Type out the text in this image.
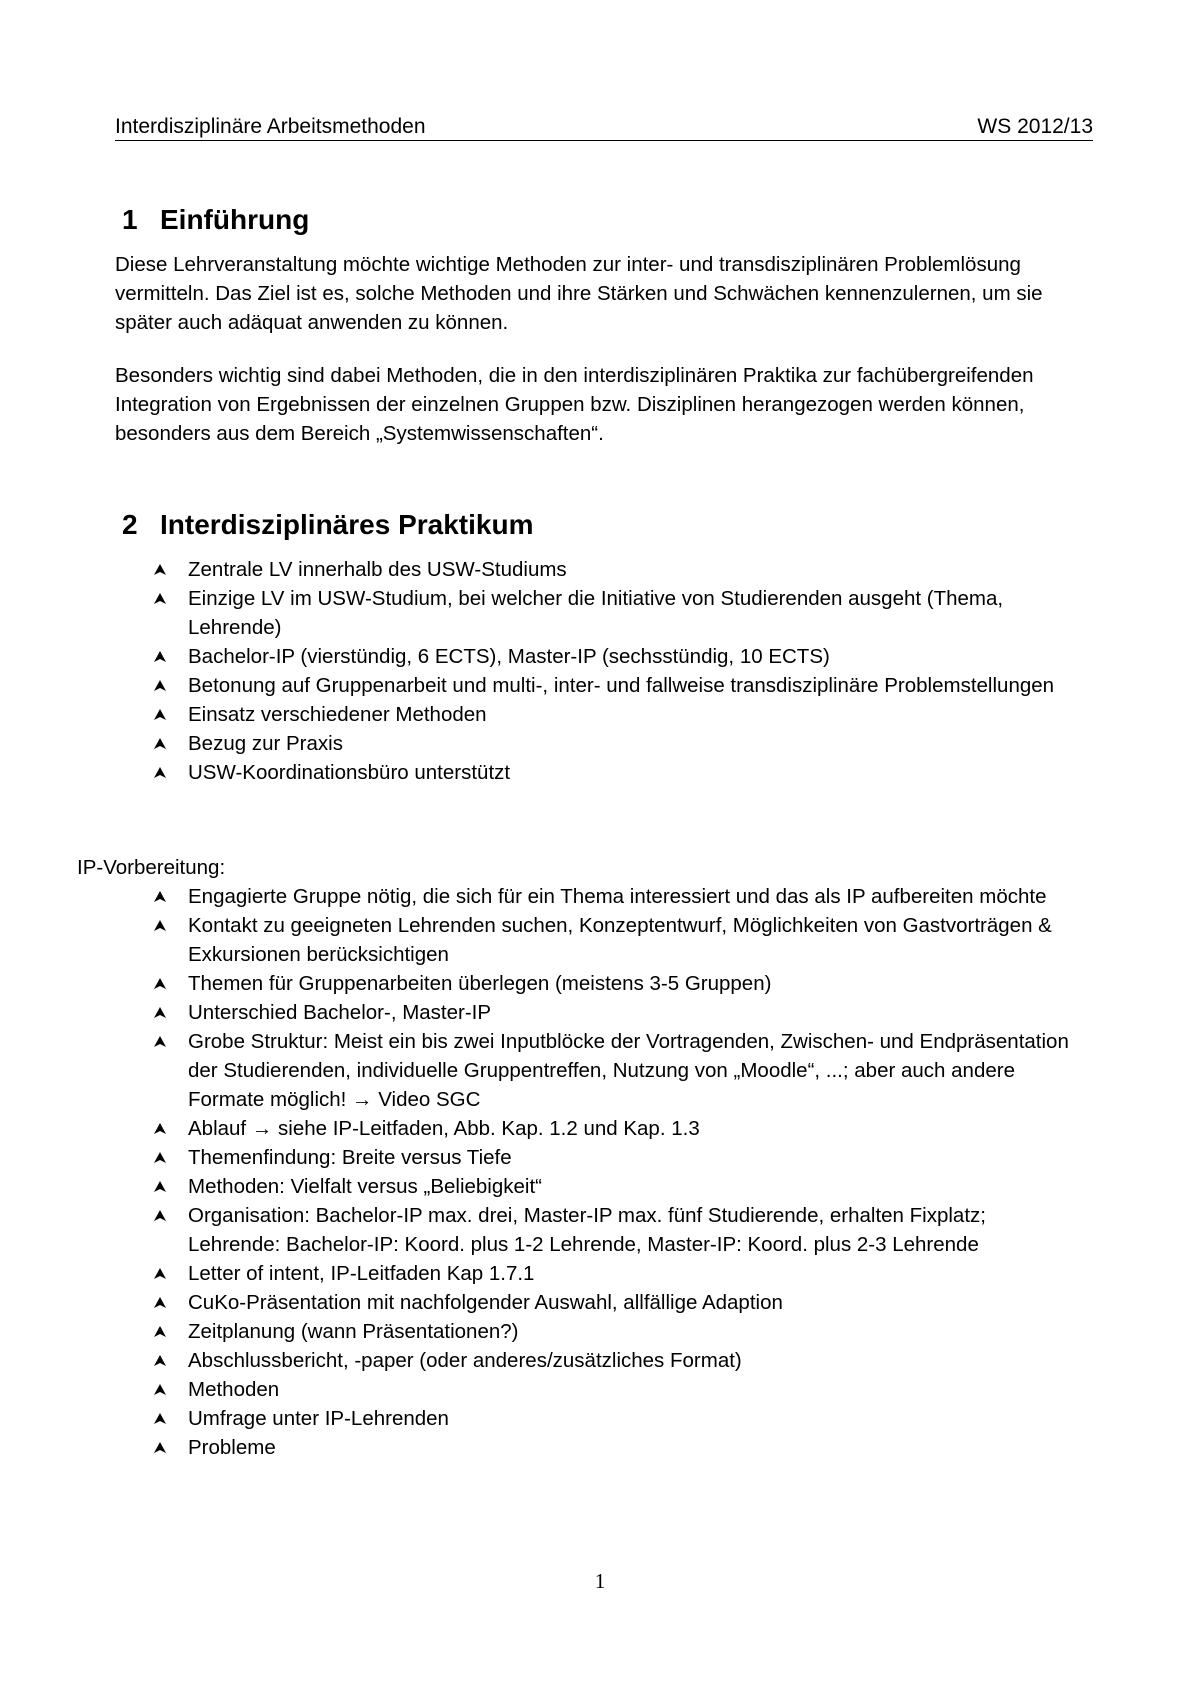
Interdisziplinäre Arbeitsmethoden	WS 2012/13
1 Einführung

Diese Lehrveranstaltung möchte wichtige Methoden zur inter- und transdisziplinären Problemlösung vermitteln. Das Ziel ist es, solche Methoden und ihre Stärken und Schwächen kennenzulernen, um sie später auch adäquat anwenden zu können.

Besonders wichtig sind dabei Methoden, die in den interdisziplinären Praktika zur fachübergreifenden Integration von Ergebnissen der einzelnen Gruppen bzw. Disziplinen herangezogen werden können, besonders aus dem Bereich „Systemwissenschaften“.

2 Interdisziplinäres Praktikum
Zentrale LV innerhalb des USW-Studiums
Einzige LV im USW-Studium, bei welcher die Initiative von Studierenden ausgeht (Thema, Lehrende)
Bachelor-IP (vierstündig, 6 ECTS), Master-IP (sechsstündig, 10 ECTS)
Betonung auf Gruppenarbeit und multi-, inter- und fallweise transdisziplinäre Problemstellungen
Einsatz verschiedener Methoden
Bezug zur Praxis
USW-Koordinationsbüro unterstützt

IP-Vorbereitung:

Engagierte Gruppe nötig, die sich für ein Thema interessiert und das als IP aufbereiten möchte
Kontakt zu geeigneten Lehrenden suchen, Konzeptentwurf, Möglichkeiten von Gastvorträgen & Exkursionen berücksichtigen
Themen für Gruppenarbeiten überlegen (meistens 3-5 Gruppen)
Unterschied Bachelor-, Master-IP
Grobe Struktur: Meist ein bis zwei Inputblöcke der Vortragenden, Zwischen- und Endpräsentation der Studierenden, individuelle Gruppentreffen, Nutzung von „Moodle“, ...; aber auch andere Formate möglich! → Video SGC
Ablauf → siehe IP-Leitfaden, Abb. Kap. 1.2 und Kap. 1.3
Themenfindung: Breite versus Tiefe
Methoden: Vielfalt versus „Beliebigkeit“
Organisation: Bachelor-IP max. drei, Master-IP max. fünf Studierende, erhalten Fixplatz; Lehrende: Bachelor-IP: Koord. plus 1-2 Lehrende, Master-IP: Koord. plus 2-3 Lehrende
Letter of intent, IP-Leitfaden Kap 1.7.1
CuKo-Präsentation mit nachfolgender Auswahl, allfällige Adaption
Zeitplanung (wann Präsentationen?)
Abschlussbericht, -paper (oder anderes/zusätzliches Format)
Methoden
Umfrage unter IP-Lehrenden
Probleme
1
